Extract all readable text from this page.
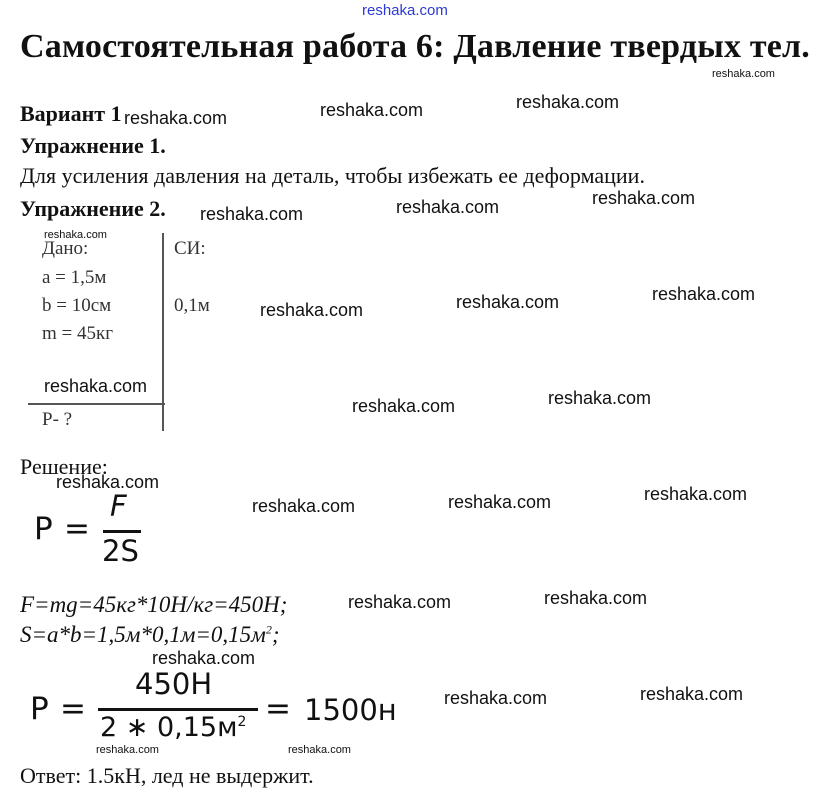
reshaka.com
Самостоятельная работа 6: Давление твердых тел.
Вариант 1
Упражнение 1.
Для усиления давления на деталь, чтобы избежать ее деформации.
Упражнение 2.
Дано:	СИ:
a = 1,5м
b = 10см	0,1м
m = 45кг
P- ?
Решение:
P =
F
2S
F=mg=45кг*10Н/кг=450Н;
$S=a*b=1,5м*0,1м=0,15м^2$;
P =
450Н
2 ∗ $0,15м^2 = 1500н$
Ответ: 1.5кН, лед не выдержит.
reshaka.com
reshaka.com	reshaka.com	reshaka.com
reshaka.com	reshaka.com	reshaka.com
reshaka.com
reshaka.com	reshaka.com	reshaka.com
reshaka.com
reshaka.com	reshaka.com
reshaka.com
reshaka.com	reshaka.com	reshaka.com
reshaka.com	reshaka.com
reshaka.com
reshaka.com	reshaka.com
reshaka.com	reshaka.com
